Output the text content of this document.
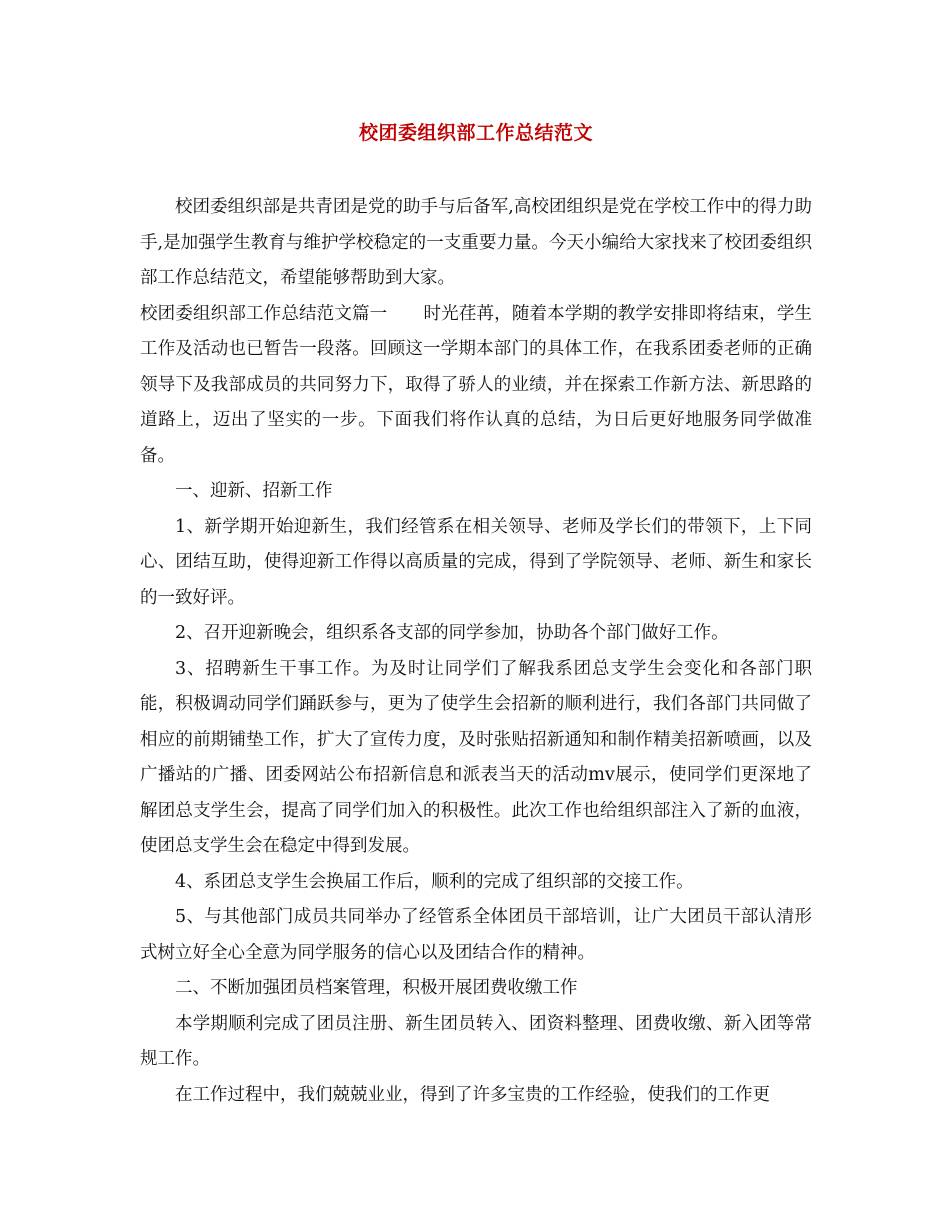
校团委组织部工作总结范文

校团委组织部是共青团是党的助手与后备军,高校团组织是党在学校工作中的得力助手,是加强学生教育与维护学校稳定的一支重要力量。今天小编给大家找来了校团委组织部工作总结范文，希望能够帮助到大家。

校团委组织部工作总结范文篇一 时光荏苒，随着本学期的教学安排即将结束，学生工作及活动也已暂告一段落。回顾这一学期本部门的具体工作，在我系团委老师的正确领导下及我部成员的共同努力下，取得了骄人的业绩，并在探索工作新方法、新思路的道路上，迈出了坚实的一步。下面我们将作认真的总结，为日后更好地服务同学做准备。

一、迎新、招新工作

1、新学期开始迎新生，我们经管系在相关领导、老师及学长们的带领下，上下同心、团结互助，使得迎新工作得以高质量的完成，得到了学院领导、老师、新生和家长的一致好评。

2、召开迎新晚会，组织系各支部的同学参加，协助各个部门做好工作。

3、招聘新生干事工作。为及时让同学们了解我系团总支学生会变化和各部门职能，积极调动同学们踊跃参与，更为了使学生会招新的顺利进行，我们各部门共同做了相应的前期铺垫工作，扩大了宣传力度，及时张贴招新通知和制作精美招新喷画，以及广播站的广播、团委网站公布招新信息和派表当天的活动mv展示，使同学们更深地了解团总支学生会，提高了同学们加入的积极性。此次工作也给组织部注入了新的血液，使团总支学生会在稳定中得到发展。

4、系团总支学生会换届工作后，顺利的完成了组织部的交接工作。

5、与其他部门成员共同举办了经管系全体团员干部培训，让广大团员干部认清形式树立好全心全意为同学服务的信心以及团结合作的精神。

二、不断加强团员档案管理，积极开展团费收缴工作

本学期顺利完成了团员注册、新生团员转入、团资料整理、团费收缴、新入团等常规工作。

在工作过程中，我们兢兢业业，得到了许多宝贵的工作经验，使我们的工作更
